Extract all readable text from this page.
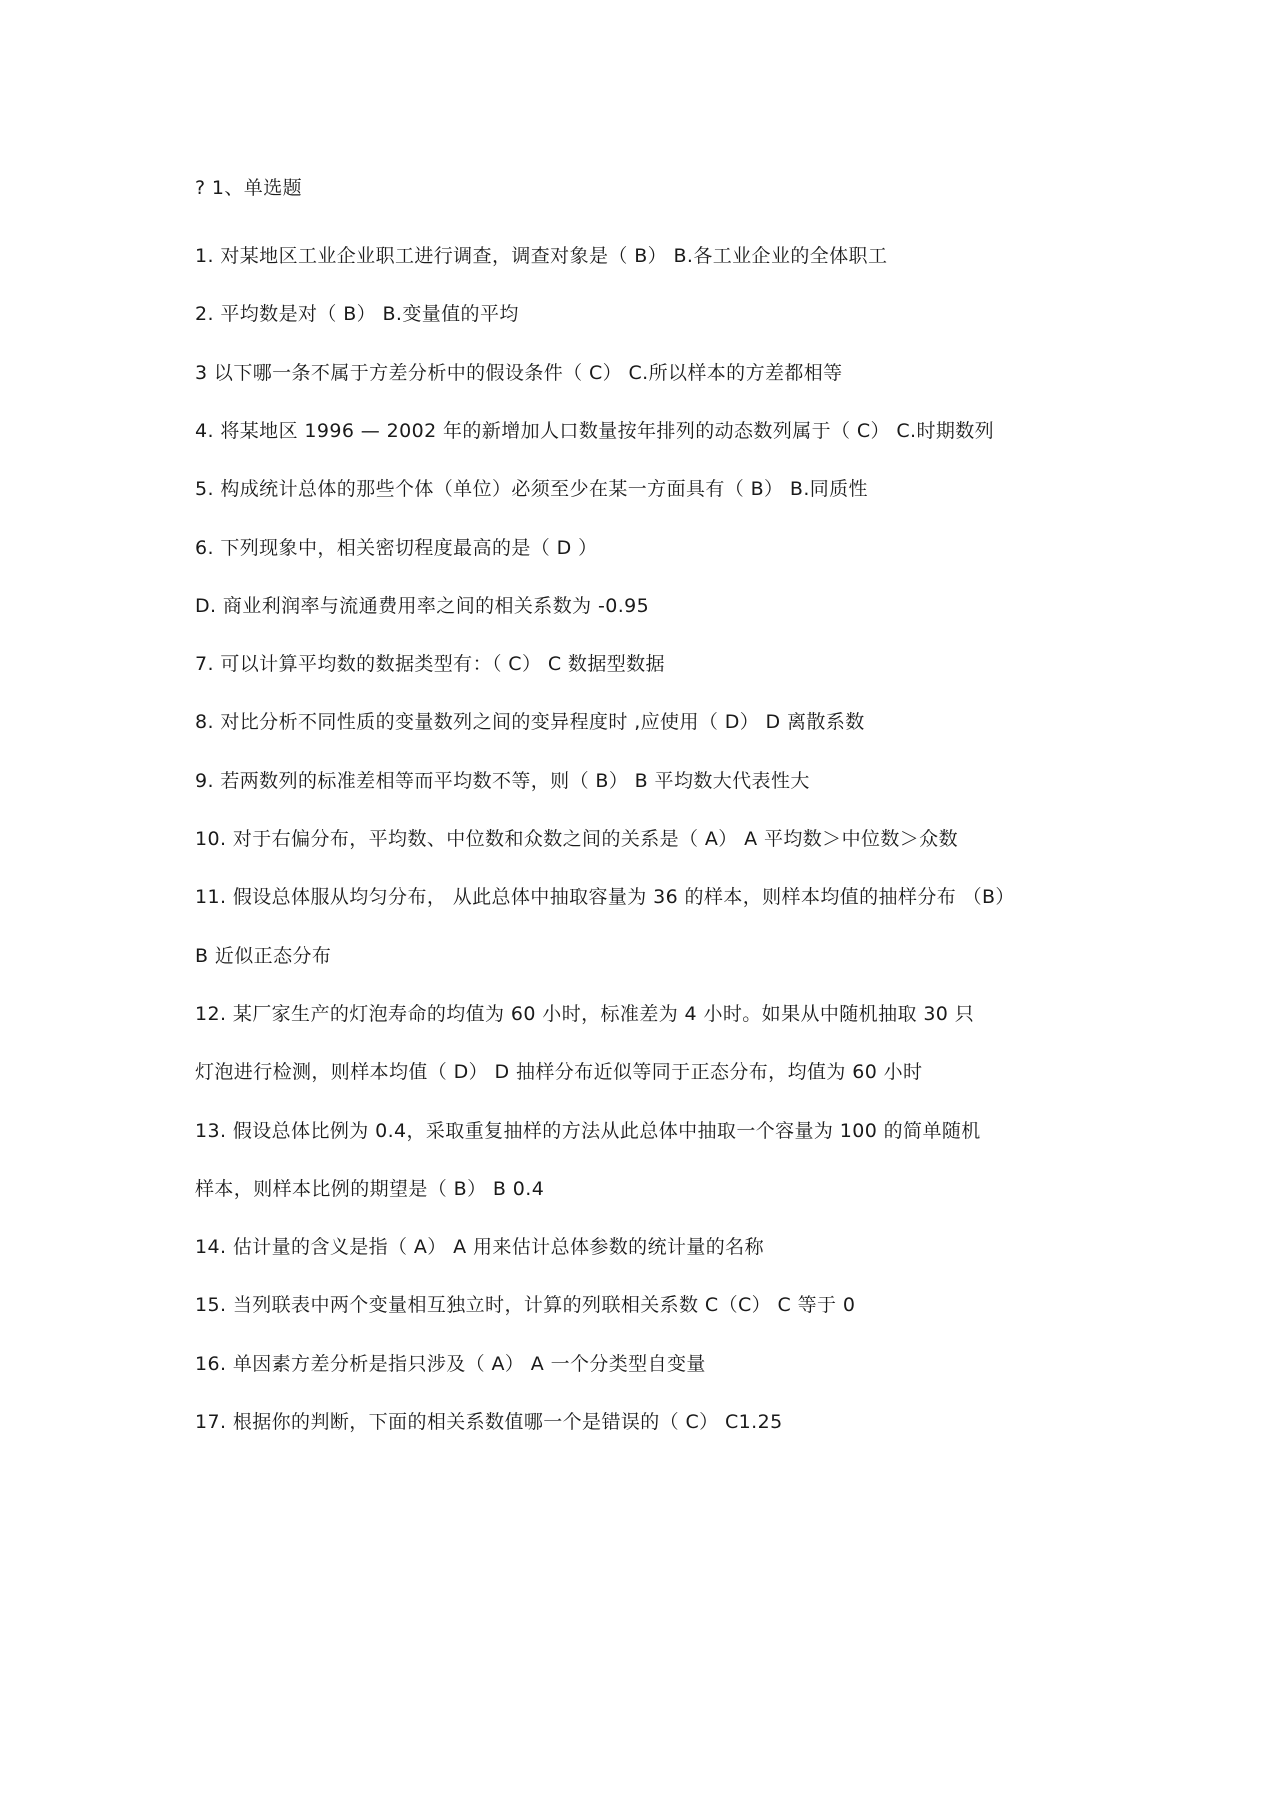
? 1、单选题
1. 对某地区工业企业职工进行调查，调查对象是（ B） B.各工业企业的全体职工
2. 平均数是对（ B） B.变量值的平均
3 以下哪一条不属于方差分析中的假设条件（ C） C.所以样本的方差都相等
4. 将某地区 1996 — 2002 年的新增加人口数量按年排列的动态数列属于（ C） C.时期数列
5. 构成统计总体的那些个体（单位）必须至少在某一方面具有（ B） B.同质性
6. 下列现象中，相关密切程度最高的是（ D ）
D. 商业利润率与流通费用率之间的相关系数为 -0.95
7. 可以计算平均数的数据类型有：（ C） C 数据型数据
8. 对比分析不同性质的变量数列之间的变异程度时 ,应使用（ D） D 离散系数
9. 若两数列的标准差相等而平均数不等，则（ B） B 平均数大代表性大
10. 对于右偏分布，平均数、中位数和众数之间的关系是（ A） A 平均数＞中位数＞众数
11. 假设总体服从均匀分布， 从此总体中抽取容量为 36 的样本，则样本均值的抽样分布 （B）
B 近似正态分布
12. 某厂家生产的灯泡寿命的均值为 60 小时，标准差为 4 小时。如果从中随机抽取 30 只
灯泡进行检测，则样本均值（ D） D 抽样分布近似等同于正态分布，均值为 60 小时
13. 假设总体比例为 0.4，采取重复抽样的方法从此总体中抽取一个容量为 100 的简单随机
样本，则样本比例的期望是（ B） B 0.4
14. 估计量的含义是指（ A） A 用来估计总体参数的统计量的名称
15. 当列联表中两个变量相互独立时，计算的列联相关系数 C（C） C 等于 0
16. 单因素方差分析是指只涉及（ A） A 一个分类型自变量
17. 根据你的判断，下面的相关系数值哪一个是错误的（ C） C1.25
